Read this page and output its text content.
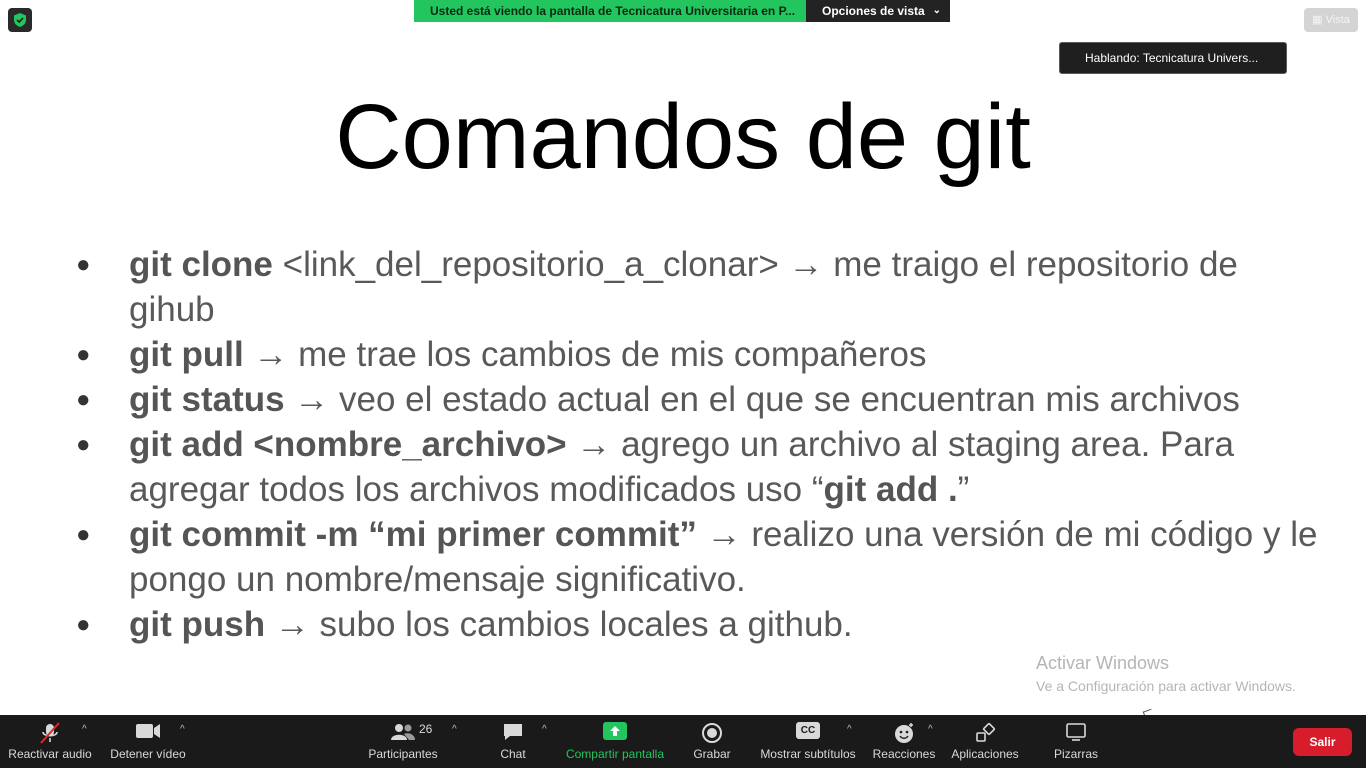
Usted está viendo la pantalla de Tecnicatura Universitaria en P...	Opciones de vista ⌄
▦ Vista
Hablando: Tecnicatura Univers...
Comandos de git
● git clone <link_del_repositorio_a_clonar> → me traigo el repositorio de gihub
● git pull → me trae los cambios de mis compañeros
● git status → veo el estado actual en el que se encuentran mis archivos
● git add <nombre_archivo> → agrego un archivo al staging area. Para agregar todos los archivos modificados uso “git add .”
● git commit -m “mi primer commit” → realizo una versión de mi código y le pongo un nombre/mensaje significativo.
● git push → subo los cambios locales a github.
Activar Windows
Ve a Configuración para activar Windows.
Reactivar audio
^
Detener vídeo
^	26
Participantes
^
Chat
^
Compartir pantalla	Grabar
CC
Mostrar subtítulos
^
Reacciones
^
Aplicaciones	Pizarras
Salir
